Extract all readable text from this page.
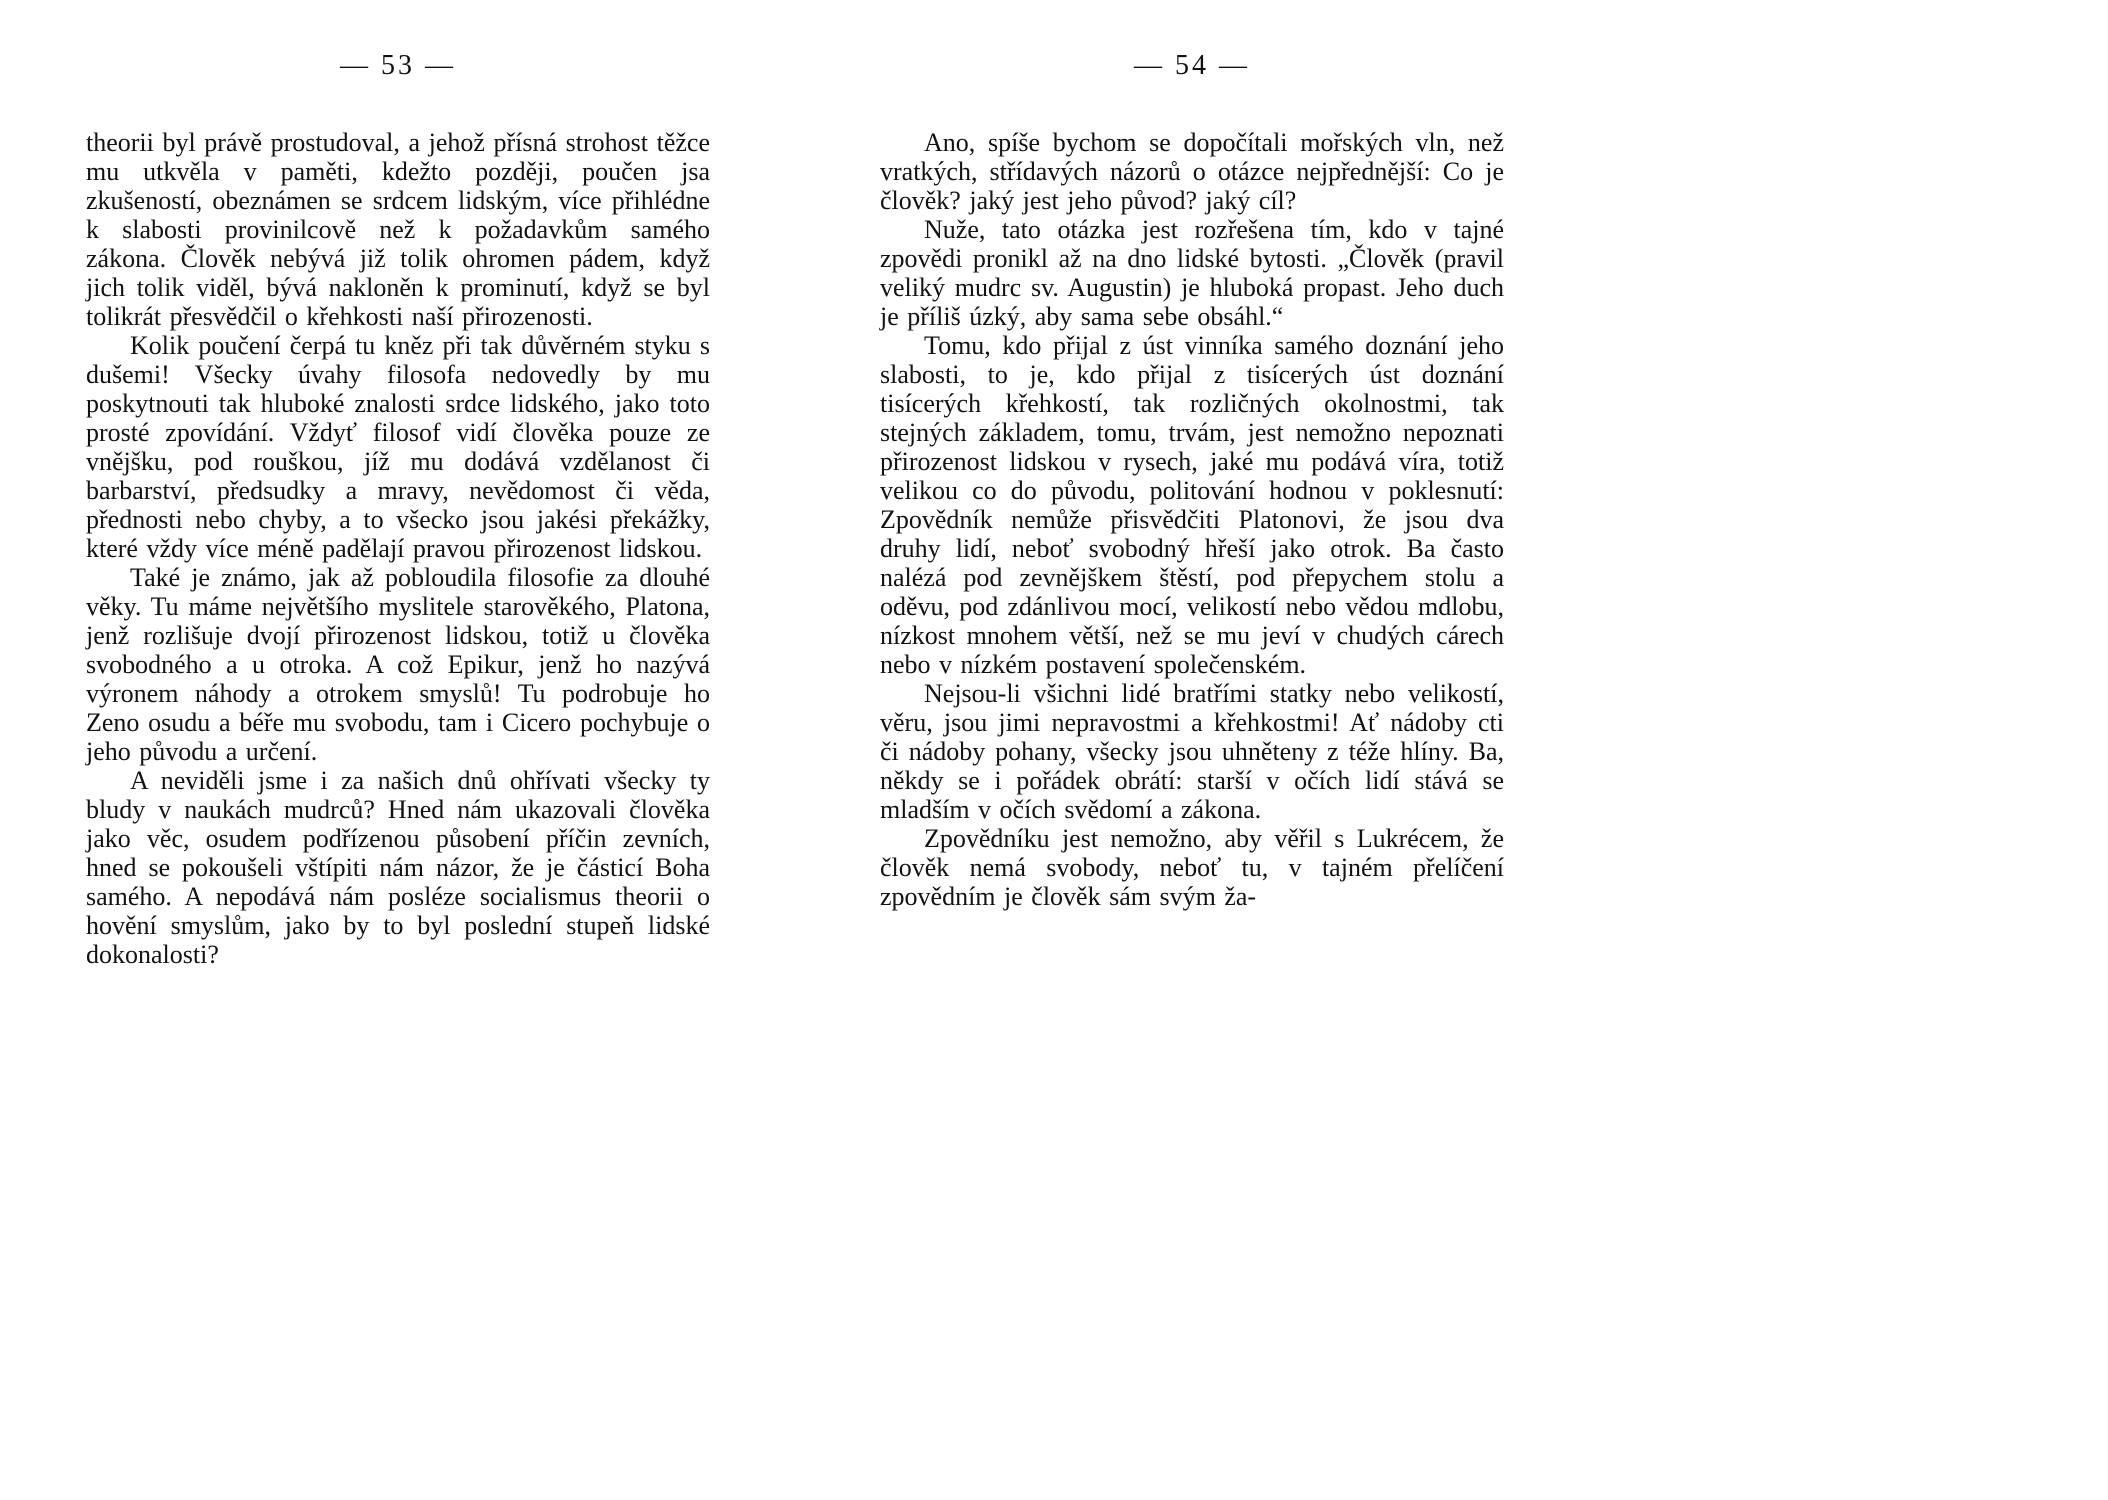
— 53 —

theorii byl právě prostudoval, a jehož přísná strohost těžce mu utkvěla v paměti, kdežto později, poučen jsa zkušeností, obeznámen se srdcem lidským, více přihlédne k slabosti provinilcově než k požadavkům samého zákona. Člověk nebývá již tolik ohromen pádem, když jich tolik viděl, bývá nakloněn k prominutí, když se byl tolikrát přesvědčil o křehkosti naší přirozenosti.

Kolik poučení čerpá tu kněz při tak důvěrném styku s dušemi! Všecky úvahy filosofa nedovedly by mu poskytnouti tak hluboké znalosti srdce lidského, jako toto prosté zpovídání. Vždyť filosof vidí člověka pouze ze vnějšku, pod rouškou, jíž mu dodává vzdělanost či barbarství, předsudky a mravy, nevědomost či věda, přednosti nebo chyby, a to všecko jsou jakési překážky, které vždy více méně padělají pravou přirozenost lidskou.

Také je známo, jak až pobloudila filosofie za dlouhé věky. Tu máme největšího myslitele starověkého, Platona, jenž rozlišuje dvojí přirozenost lidskou, totiž u člověka svobodného a u otroka. A což Epikur, jenž ho nazývá výronem náhody a otrokem smyslů! Tu podrobuje ho Zeno osudu a béře mu svobodu, tam i Cicero pochybuje o jeho původu a určení.

A neviděli jsme i za našich dnů ohřívati všecky ty bludy v naukách mudrců? Hned nám ukazovali člověka jako věc, osudem podřízenou působení příčin zevních, hned se pokoušeli vštípiti nám názor, že je částicí Boha samého. A nepodává nám posléze socialismus theorii o hovění smyslům, jako by to byl poslední stupeň lidské dokonalosti?

— 54 —

Ano, spíše bychom se dopočítali mořských vln, než vratkých, střídavých názorů o otázce nejpřednější: Co je člověk? jaký jest jeho původ? jaký cíl?

Nuže, tato otázka jest rozřešena tím, kdo v tajné zpovědi pronikl až na dno lidské bytosti. „Člověk (pravil veliký mudrc sv. Augustin) je hluboká propast. Jeho duch je příliš úzký, aby sama sebe obsáhl.“

Tomu, kdo přijal z úst vinníka samého doznání jeho slabosti, to je, kdo přijal z tisícerých úst doznání tisícerých křehkostí, tak rozličných okolnostmi, tak stejných základem, tomu, trvám, jest nemožno nepoznati přirozenost lidskou v rysech, jaké mu podává víra, totiž velikou co do původu, politování hodnou v poklesnutí: Zpovědník nemůže přisvědčiti Platonovi, že jsou dva druhy lidí, neboť svobodný hřeší jako otrok. Ba často nalézá pod zevnějškem štěstí, pod přepychem stolu a oděvu, pod zdánlivou mocí, velikostí nebo vědou mdlobu, nízkost mnohem větší, než se mu jeví v chudých cárech nebo v nízkém postavení společenském.

Nejsou-li všichni lidé bratřími statky nebo velikostí, věru, jsou jimi nepravostmi a křehkostmi! Ať nádoby cti či nádoby pohany, všecky jsou uhněteny z téže hlíny. Ba, někdy se i pořádek obrátí: starší v očích lidí stává se mladším v očích svědomí a zákona.

Zpovědníku jest nemožno, aby věřil s Lukrécem, že člověk nemá svobody, neboť tu, v tajném přelíčení zpovědním je člověk sám svým ža-
